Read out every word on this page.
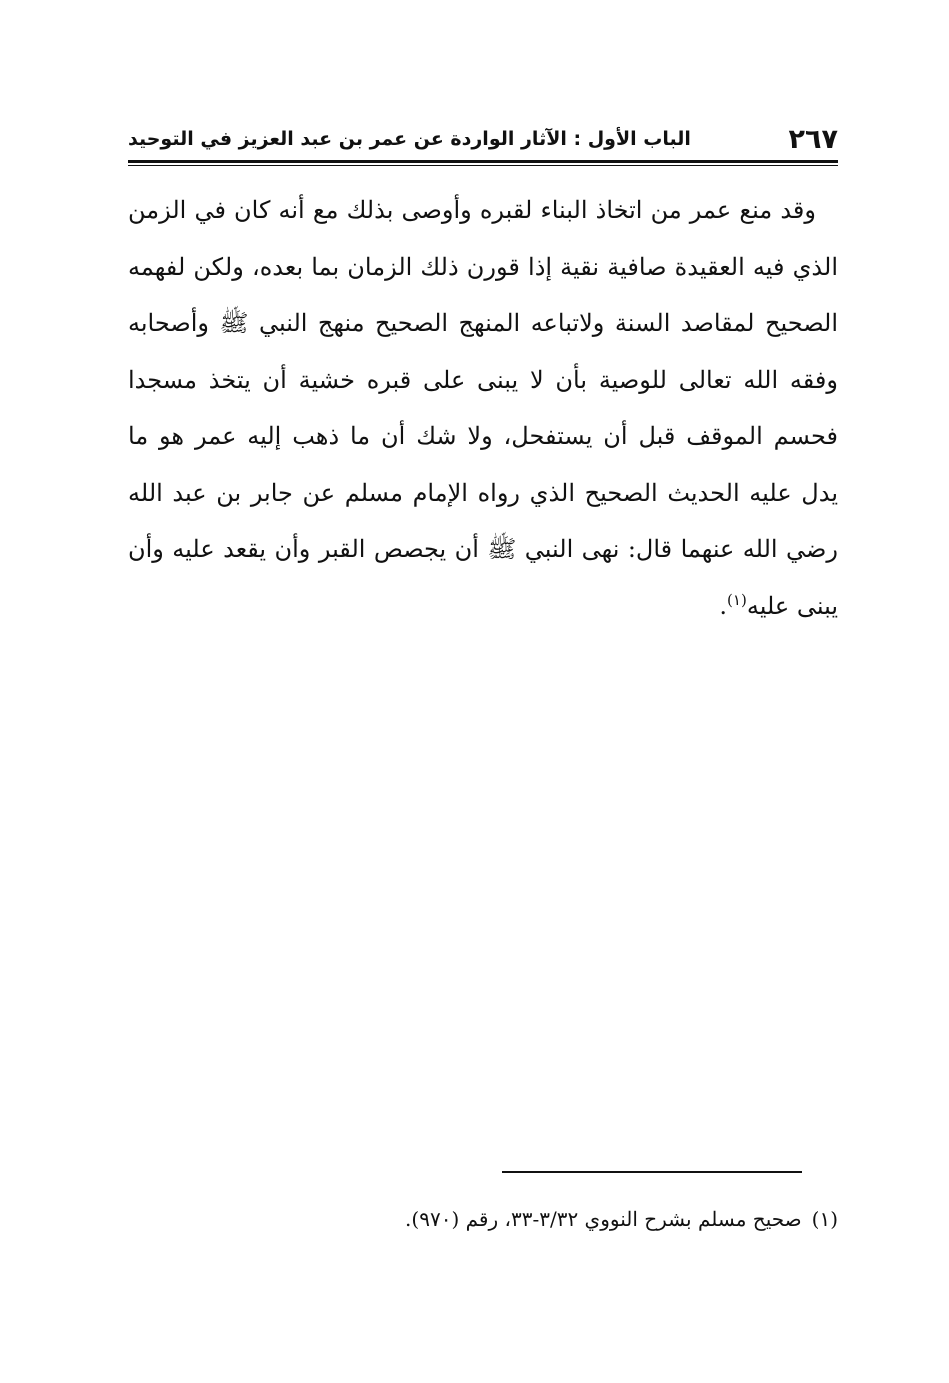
٢٦٧
الباب الأول : الآثار الواردة عن عمر بن عبد العزيز في التوحيد
وقد منع عمر من اتخاذ البناء لقبره وأوصى بذلك مع أنه كان في الزمن الذي فيه العقيدة صافية نقية إذا قورن ذلك الزمان بما بعده، ولكن لفهمه الصحيح لمقاصد السنة ولاتباعه المنهج الصحيح منهج النبي ﷺ وأصحابه وفقه الله تعالى للوصية بأن لا يبنى على قبره خشية أن يتخذ مسجدا فحسم الموقف قبل أن يستفحل، ولا شك أن ما ذهب إليه عمر هو ما يدل عليه الحديث الصحيح الذي رواه الإمام مسلم عن جابر بن عبد الله رضي الله عنهما قال: نهى النبي ﷺ أن يجصص القبر وأن يقعد عليه وأن يبنى عليه$^{(١)}$.
(١)صحيح مسلم بشرح النووي ٣/٣٢-٣٣، رقم (٩٧٠).
